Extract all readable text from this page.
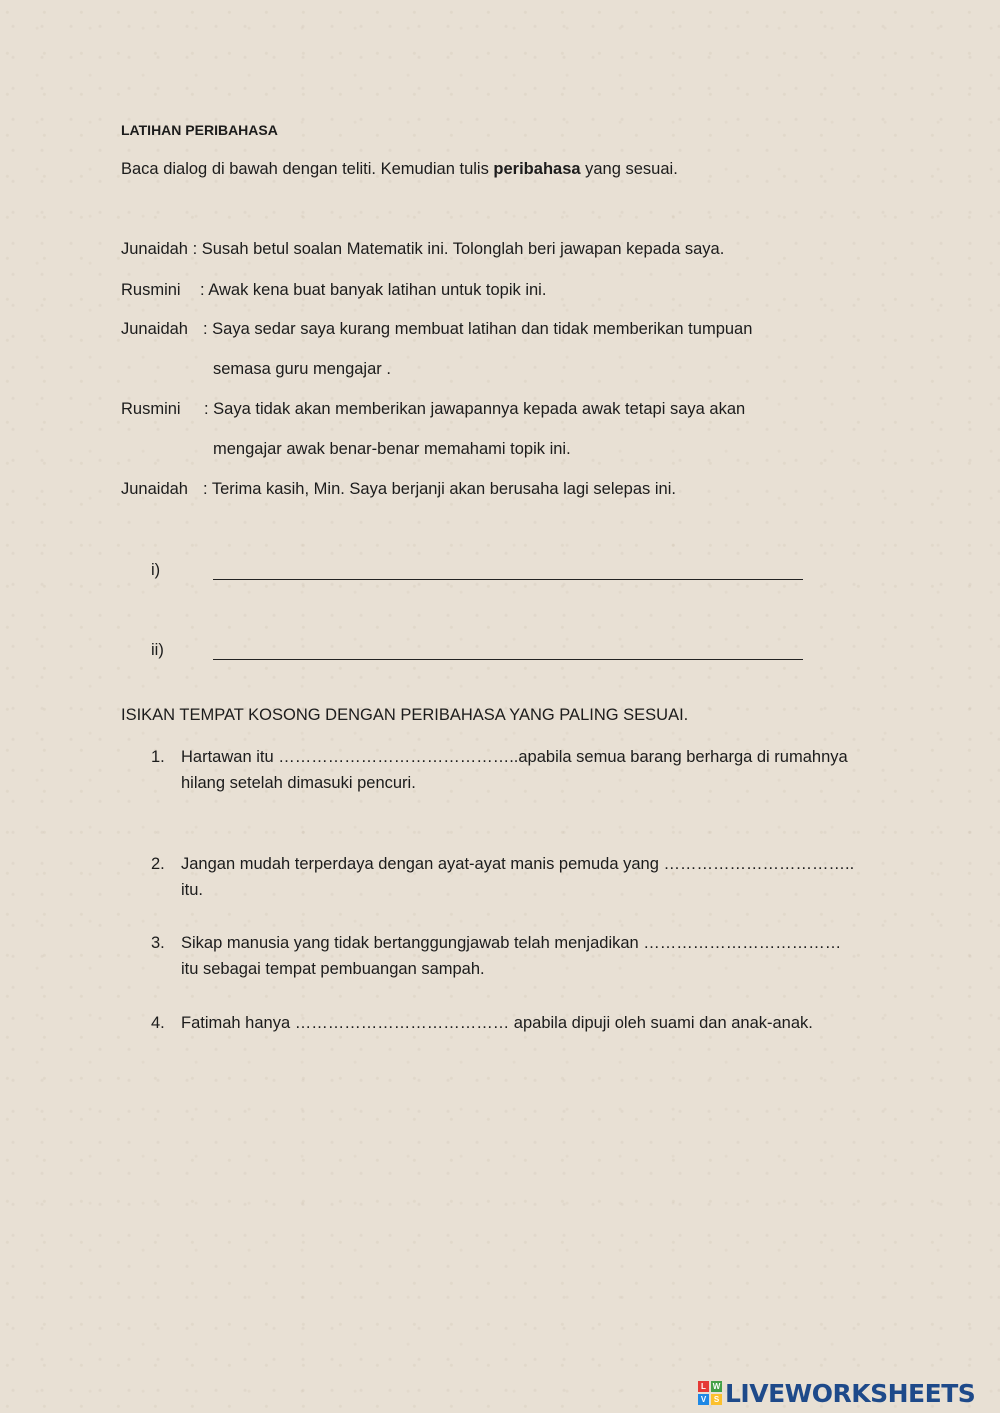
LATIHAN PERIBAHASA
Baca dialog di bawah dengan teliti. Kemudian tulis peribahasa yang sesuai.
Junaidah : Susah betul soalan Matematik ini. Tolonglah beri jawapan kepada saya.
Rusmini : Awak kena buat banyak latihan untuk topik ini.
Junaidah : Saya sedar saya kurang membuat latihan dan tidak memberikan tumpuan
semasa guru mengajar .
Rusmini : Saya tidak akan memberikan jawapannya kepada awak tetapi saya akan
mengajar awak benar-benar memahami topik ini.
Junaidah : Terima kasih, Min. Saya berjanji akan berusaha lagi selepas ini.
i)
ii)
ISIKAN TEMPAT KOSONG DENGAN PERIBAHASA YANG PALING SESUAI.
1. Hartawan itu ……………………………………..apabila semua barang berharga di rumahnya
hilang setelah dimasuki pencuri.
2. Jangan mudah terperdaya dengan ayat-ayat manis pemuda yang ……………………………..
itu.
3. Sikap manusia yang tidak bertanggungjawab telah menjadikan ………………………………
itu sebagai tempat pembuangan sampah.
4. Fatimah hanya ………………………………… apabila dipuji oleh suami dan anak-anak.
L W
V S LIVEWORKSHEETS
